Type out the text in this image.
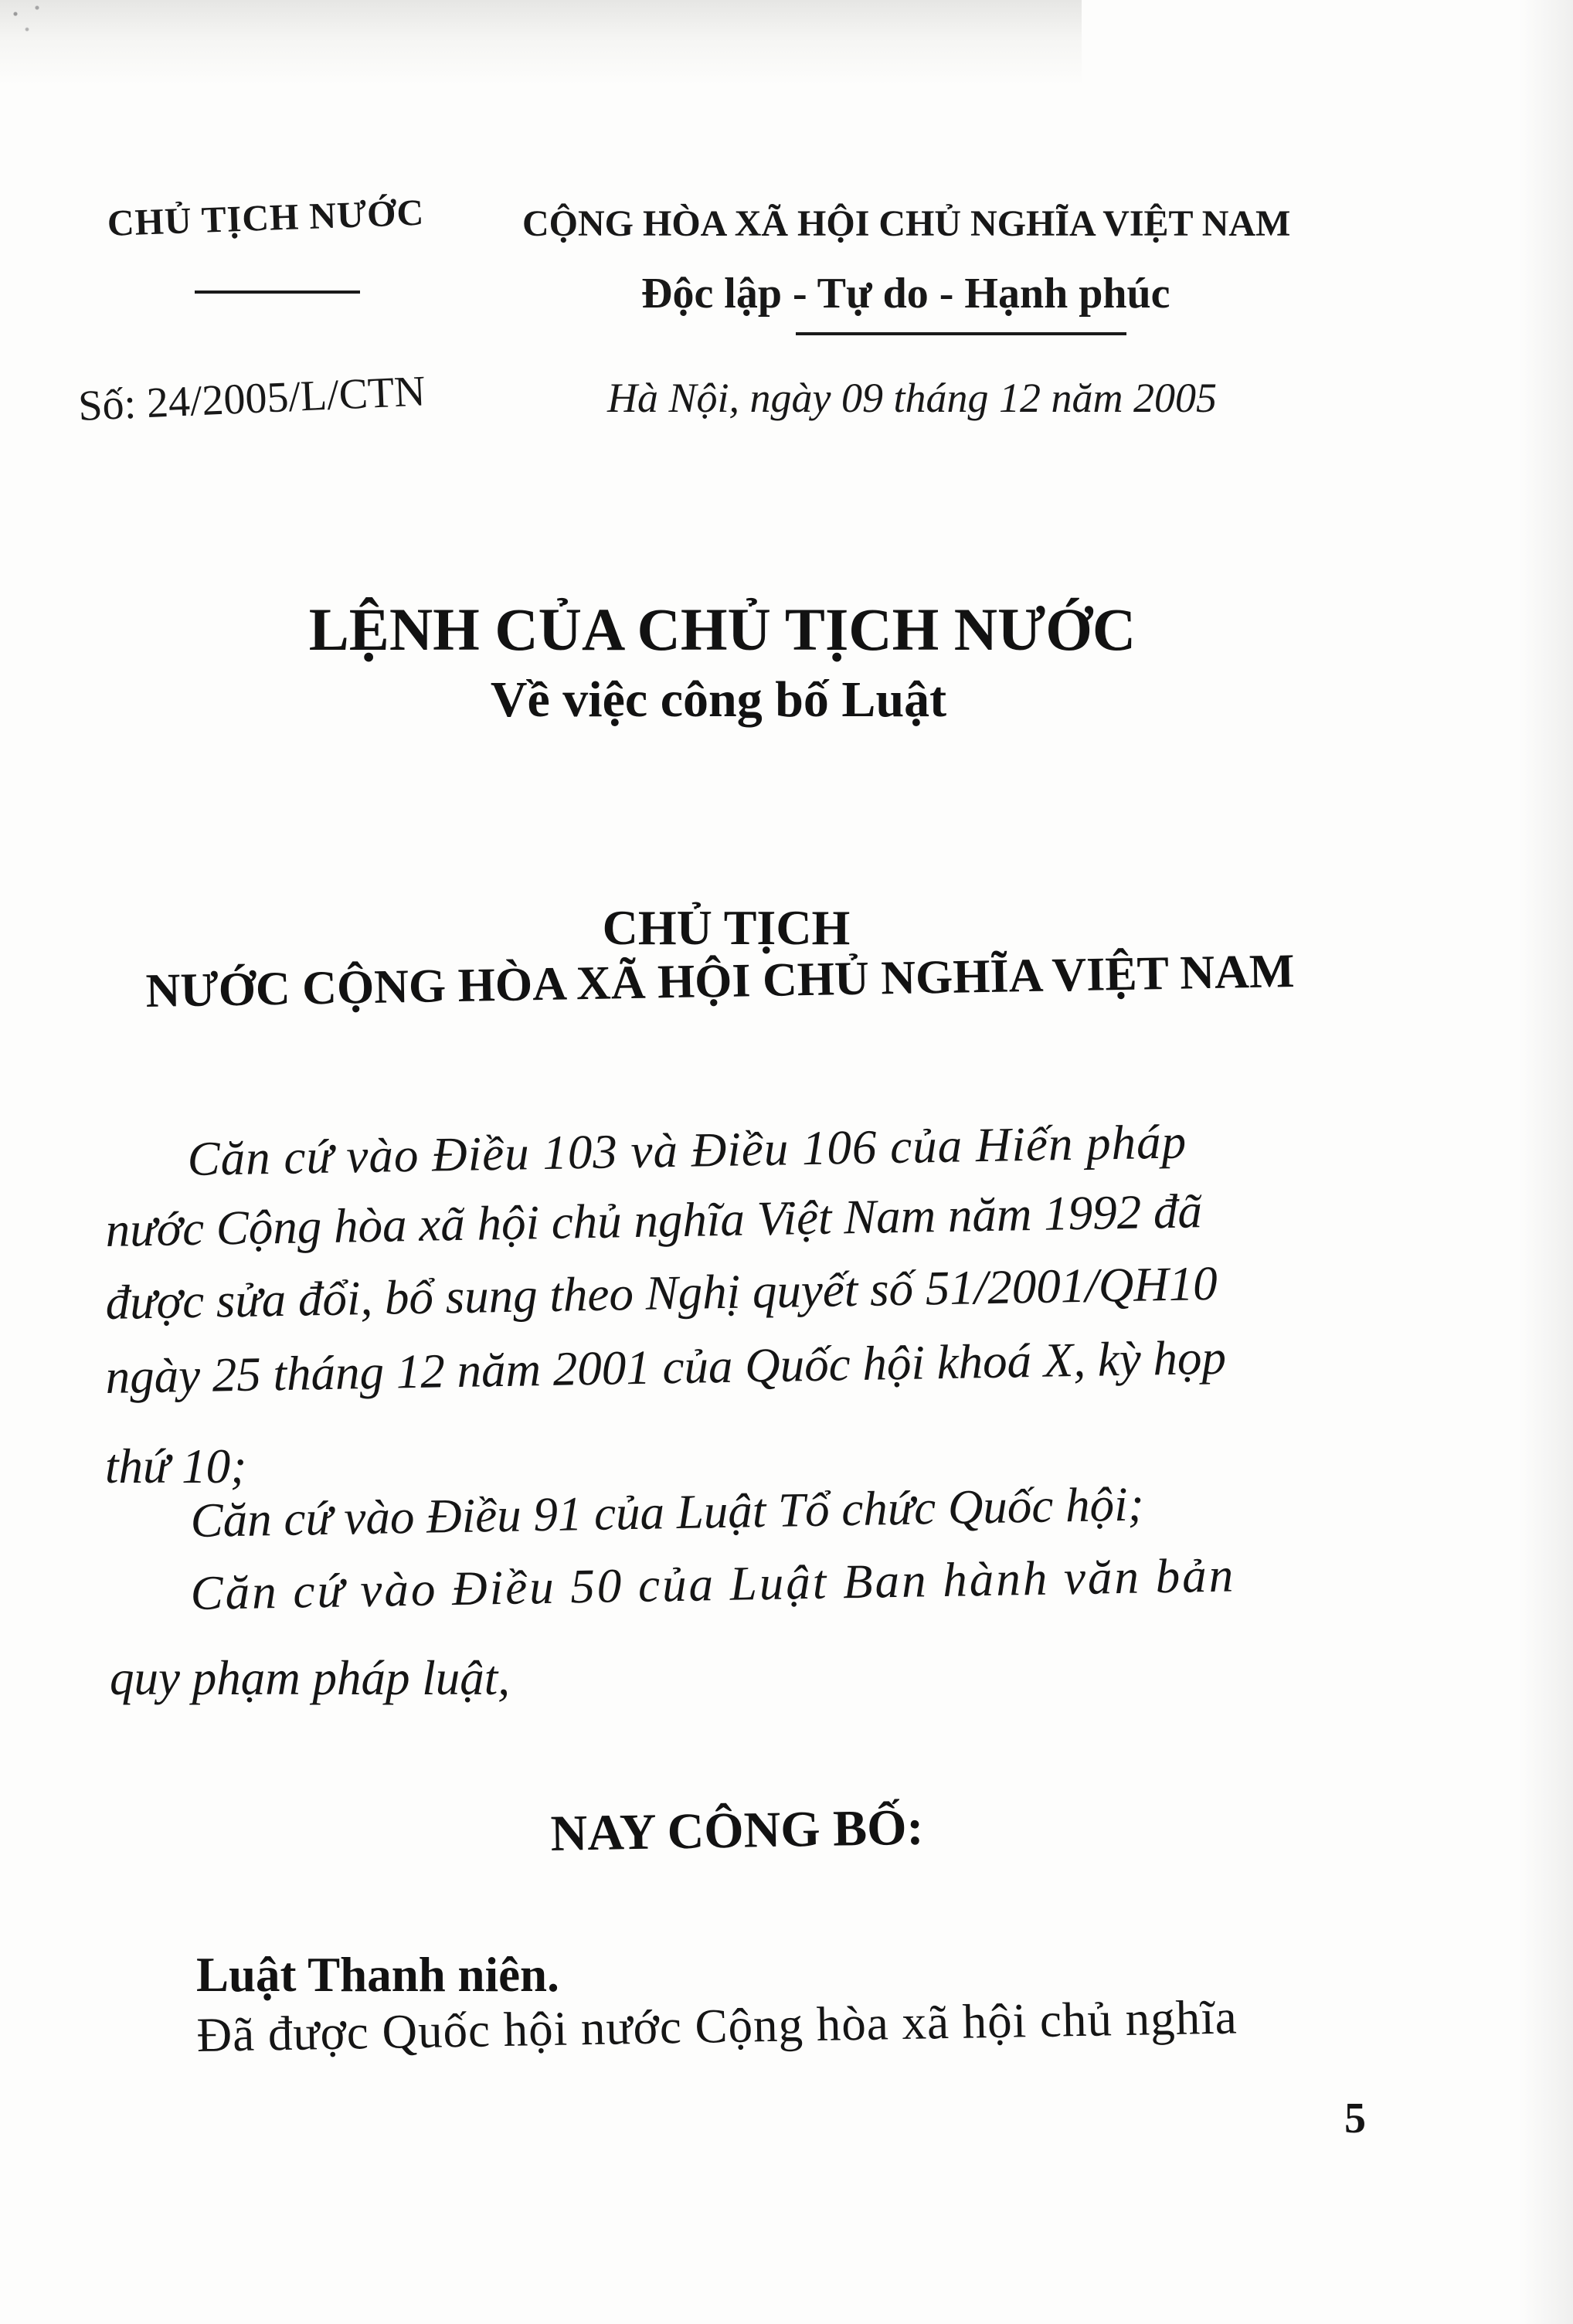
CHỦ TỊCH NƯỚC	CỘNG HÒA XÃ HỘI CHỦ NGHĨA VIỆT NAM
Độc lập - Tự do - Hạnh phúc
Số: 24/2005/L/CTN	Hà Nội, ngày 09 tháng 12 năm 2005
LỆNH CỦA CHỦ TỊCH NƯỚC
Về việc công bố Luật
CHỦ TỊCH
NƯỚC CỘNG HÒA XÃ HỘI CHỦ NGHĨA VIỆT NAM
Căn cứ vào Điều 103 và Điều 106 của Hiến pháp
nước Cộng hòa xã hội chủ nghĩa Việt Nam năm 1992 đã
được sửa đổi, bổ sung theo Nghị quyết số 51/2001/QH10
ngày 25 tháng 12 năm 2001 của Quốc hội khoá X, kỳ họp
thứ 10;
Căn cứ vào Điều 91 của Luật Tổ chức Quốc hội;
Căn cứ vào Điều 50 của Luật Ban hành văn bản
quy phạm pháp luật,
NAY CÔNG BỐ:
Luật Thanh niên.
Đã được Quốc hội nước Cộng hòa xã hội chủ nghĩa
5
